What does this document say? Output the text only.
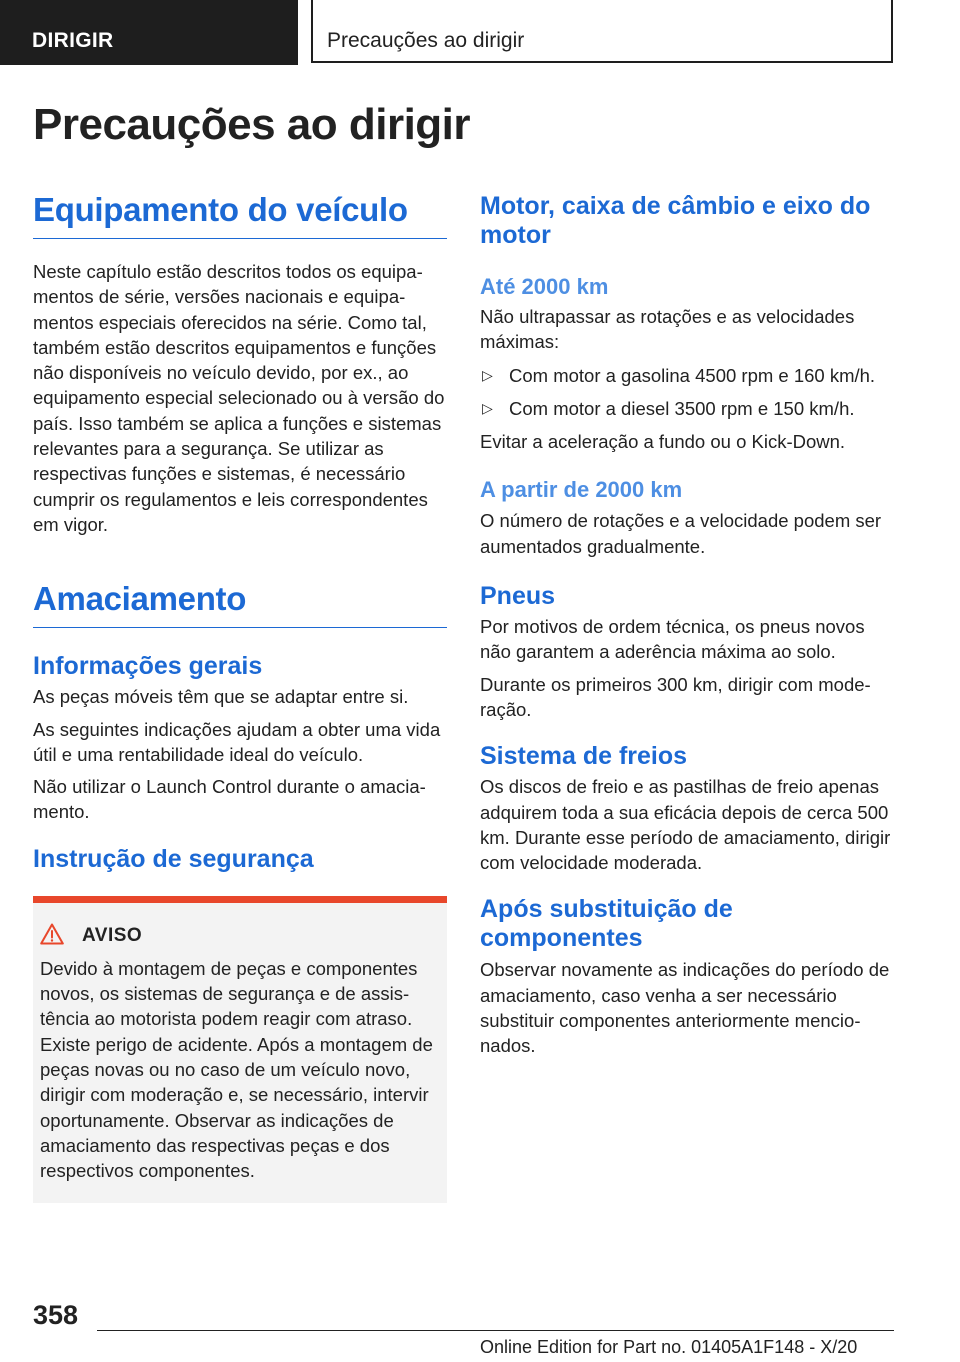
DIRIGIR	Precauções ao dirigir
Precauções ao dirigir
Equipamento do veículo

Neste capítulo estão descritos todos os equipamentos de série, versões nacionais e equipamentos especiais oferecidos na série. Como tal, também estão descritos equipamentos e funções não disponíveis no veículo devido, por ex., ao equipamento especial selecionado ou à versão do país. Isso também se aplica a funções e sistemas relevantes para a segurança. Se utilizar as respectivas funções e sistemas, é necessário cumprir os regulamentos e leis correspondentes em vigor.

Amaciamento
Informações gerais

As peças móveis têm que se adaptar entre si.

As seguintes indicações ajudam a obter uma vida útil e uma rentabilidade ideal do veículo.

Não utilizar o Launch Control durante o amaciamento.

Instrução de segurança
AVISO

Devido à montagem de peças e componentes novos, os sistemas de segurança e de assistência ao motorista podem reagir com atraso. Existe perigo de acidente. Após a montagem de peças novas ou no caso de um veículo novo, dirigir com moderação e, se necessário, intervir oportunamente. Observar as indicações de amaciamento das respectivas peças e dos respectivos componentes.

Motor, caixa de câmbio e eixo do motor
Até 2000 km

Não ultrapassar as rotações e as velocidades máximas:

▷ Com motor a gasolina 4500 rpm e 160 km/h.
▷ Com motor a diesel 3500 rpm e 150 km/h.

Evitar a aceleração a fundo ou o Kick-Down.

A partir de 2000 km

O número de rotações e a velocidade podem ser aumentados gradualmente.

Pneus

Por motivos de ordem técnica, os pneus novos não garantem a aderência máxima ao solo.

Durante os primeiros 300 km, dirigir com moderação.

Sistema de freios

Os discos de freio e as pastilhas de freio apenas adquirem toda a sua eficácia depois de cerca 500 km. Durante esse período de amaciamento, dirigir com velocidade moderada.

Após substituição de componentes

Observar novamente as indicações do período de amaciamento, caso venha a ser necessário substituir componentes anteriormente mencionados.

358
Online Edition for Part no. 01405A1F148 - X/20
